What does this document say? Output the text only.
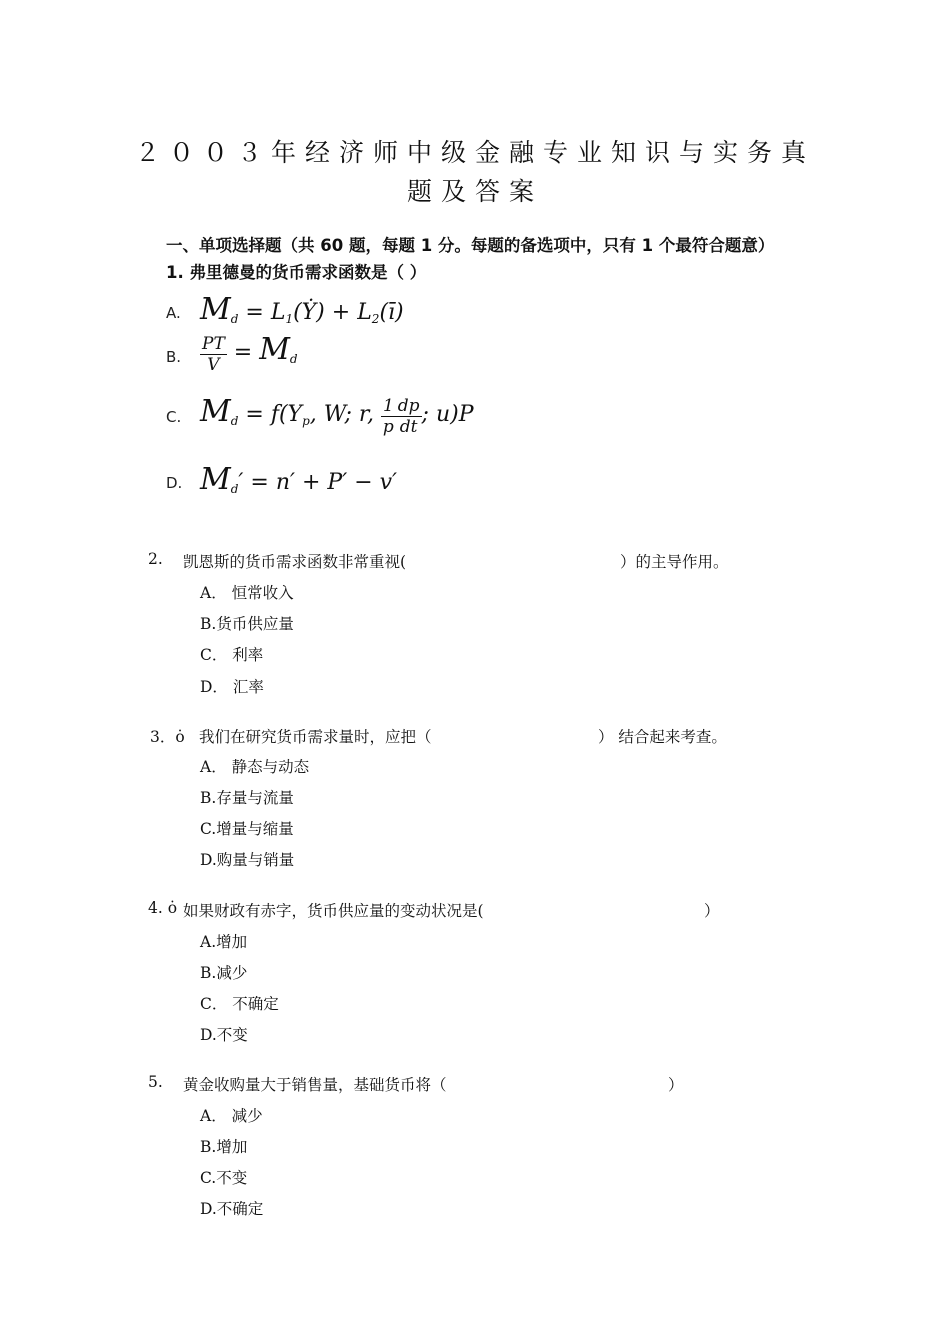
２００３年经济师中级金融专业知识与实务真
题及答案
一、单项选择题（共 60 题，每题 1 分。每题的备选项中，只有 1 个最符合题意）
1. 弗里德曼的货币需求函数是（ ）
A. $M_d$ = $L_1(Ẏ)$ + $L_2(ī)$
B. $\frac{PT}{V} = M_d$
C. $M_d = f(Y_p$, W; r, $\frac{1}{p} \frac{dp}{dt}$ ; u)P
D. $M_d' = n' + P' - v'$
2. 凯恩斯的货币需求函数非常重视(	）的主导作用。
A． 恒常收入
B.货币供应量
C． 利率
D． 汇率
3．ȯ 我们在研究货币需求量时，应把（	） 结合起来考查。
A． 静态与动态
B.存量与流量
C.增量与缩量
D.购量与销量
4. ȯ 如果财政有赤字，货币供应量的变动状况是(	）
A.增加
B.减少
C． 不确定
D.不变
5. 黄金收购量大于销售量，基础货币将（	）
A． 减少
B.增加
C.不变
D.不确定
